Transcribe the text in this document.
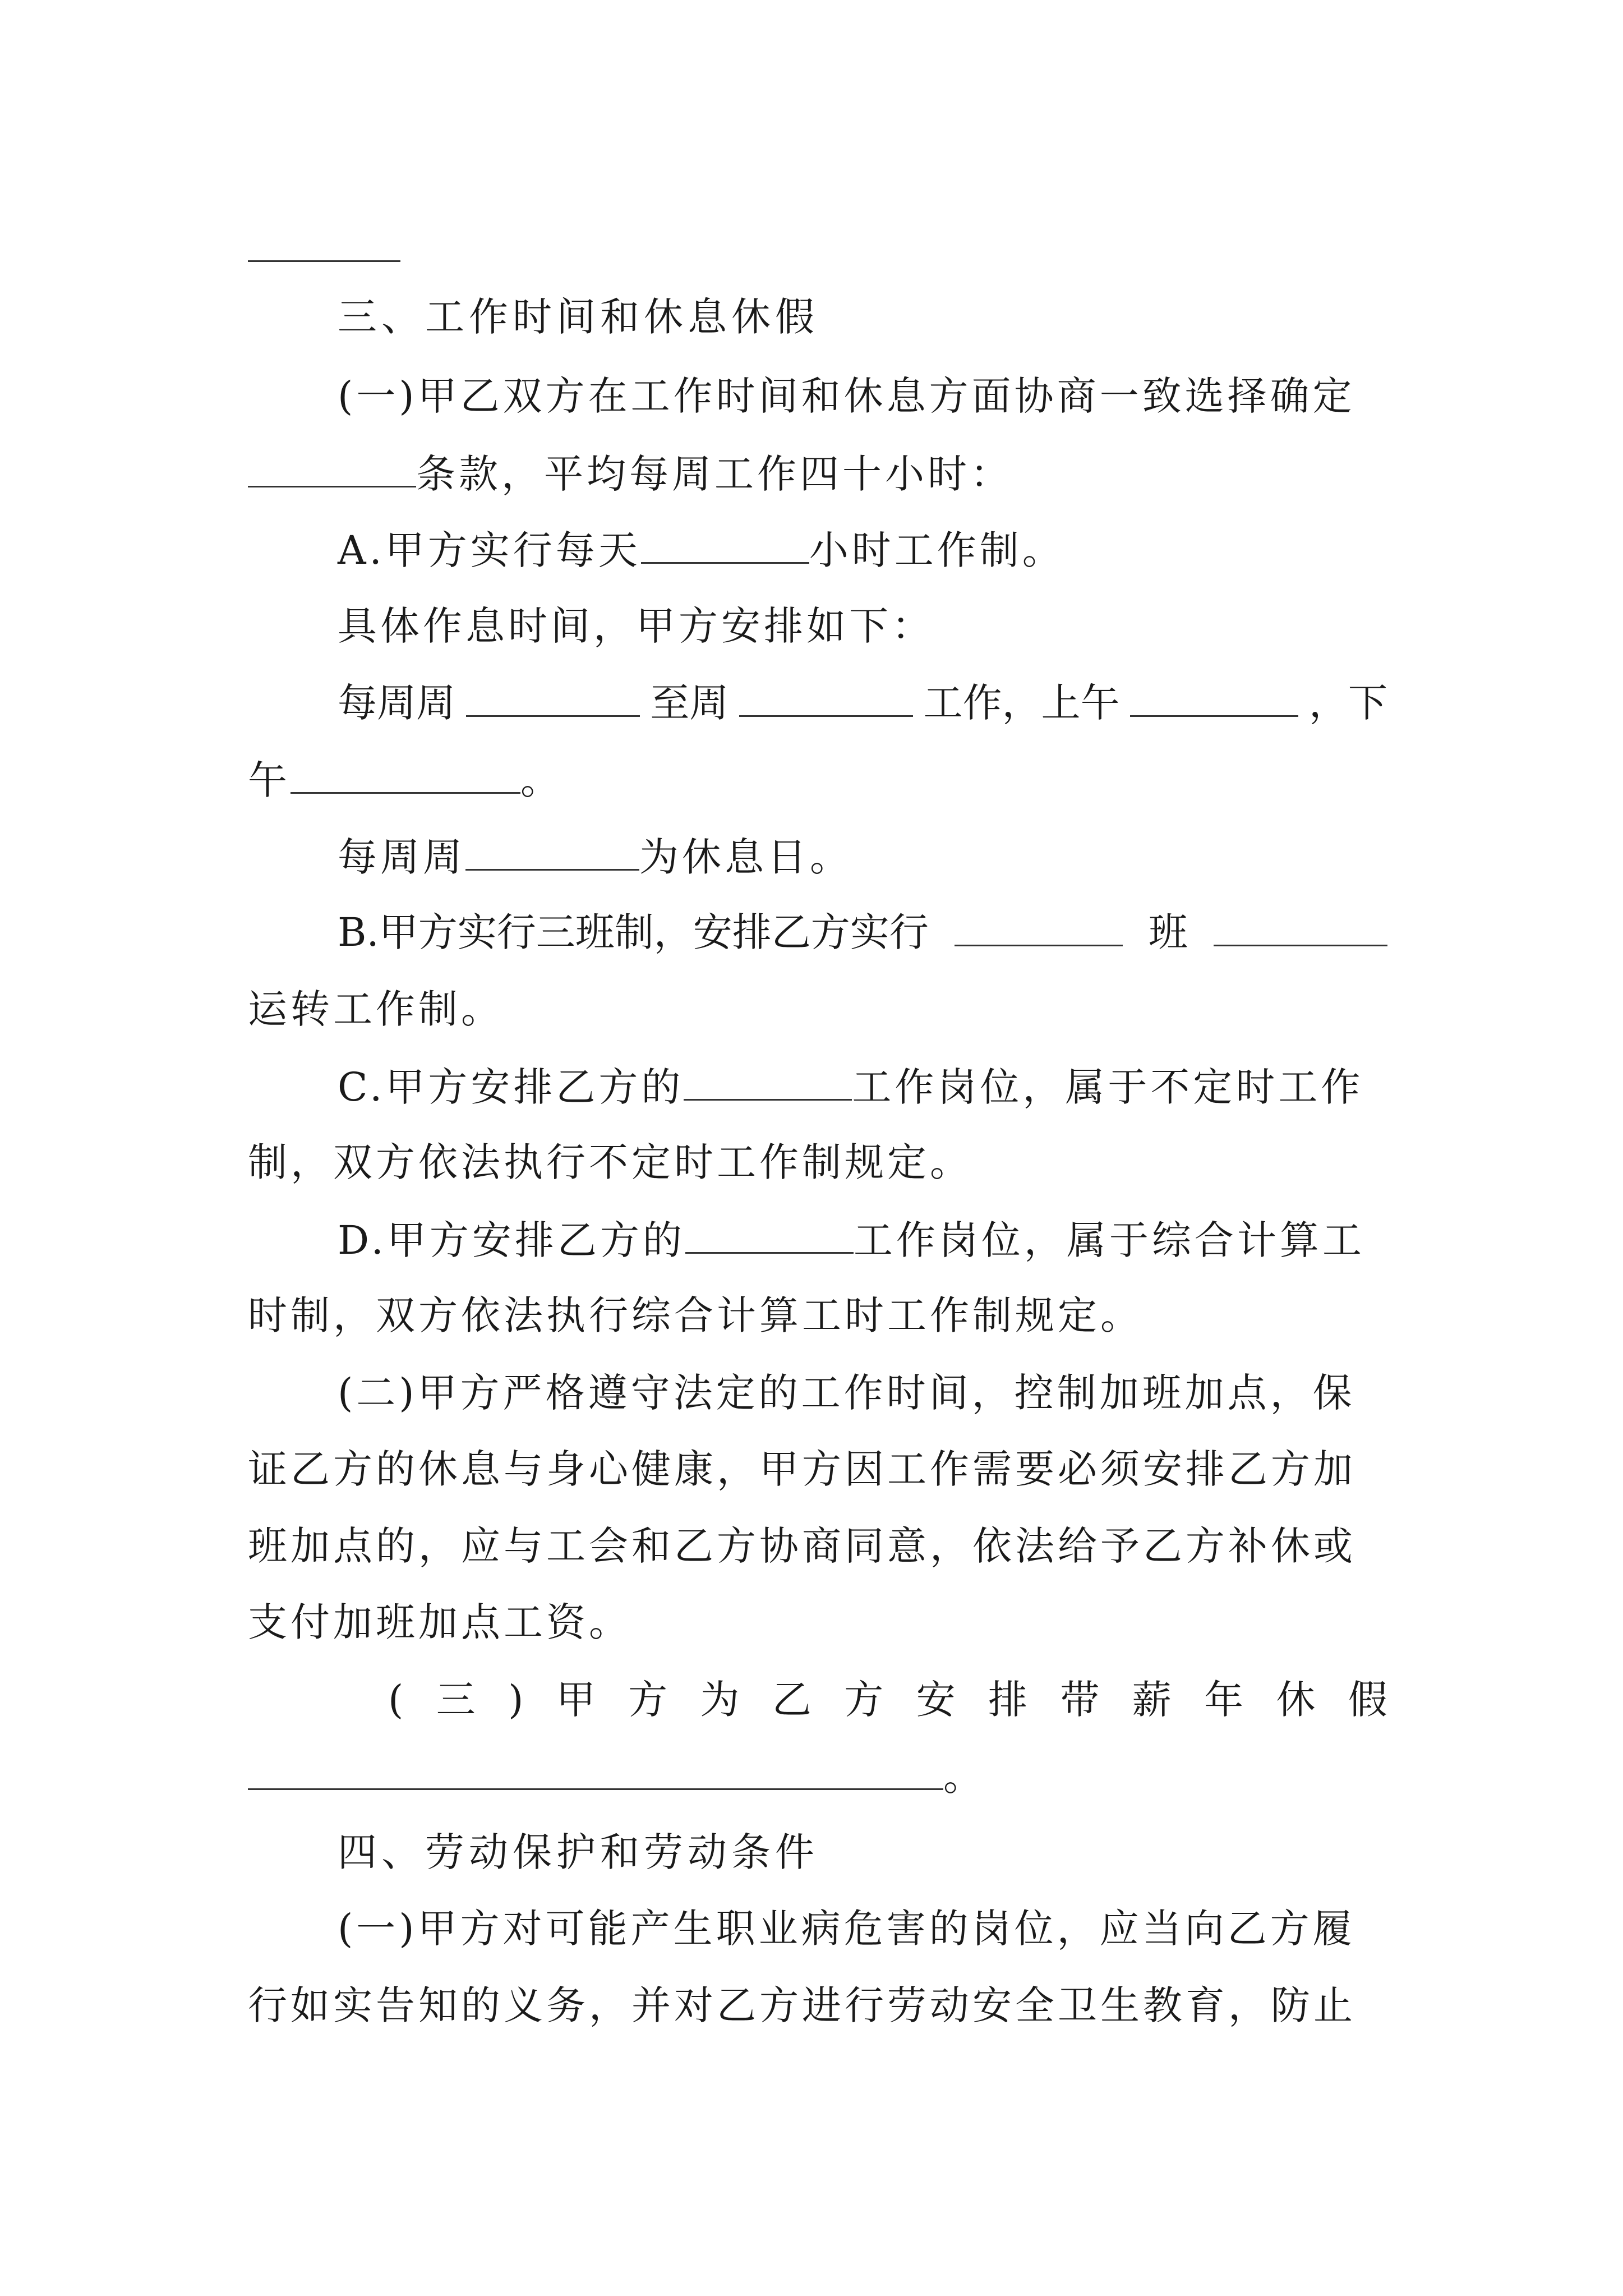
三、工作时间和休息休假
(一)甲乙双方在工作时间和休息方面协商一致选择确定
条款，平均每周工作四十小时：
A.甲方实行每天	小时工作制。
具体作息时间，甲方安排如下：
每周周	至周	工作，上午	，下
午	。
每周周	为休息日。
B.甲方实行三班制，安排乙方实行	班
运转工作制。
C.甲方安排乙方的	工作岗位，属于不定时工作
制，双方依法执行不定时工作制规定。
D.甲方安排乙方的	工作岗位，属于综合计算工
时制，双方依法执行综合计算工时工作制规定。
(二)甲方严格遵守法定的工作时间，控制加班加点，保
证乙方的休息与身心健康，甲方因工作需要必须安排乙方加
班加点的，应与工会和乙方协商同意，依法给予乙方补休或
支付加班加点工资。
( 三 ) 甲 方 为 乙 方 安 排 带 薪 年 休 假
。
四、劳动保护和劳动条件
(一)甲方对可能产生职业病危害的岗位，应当向乙方履
行如实告知的义务，并对乙方进行劳动安全卫生教育，防止
